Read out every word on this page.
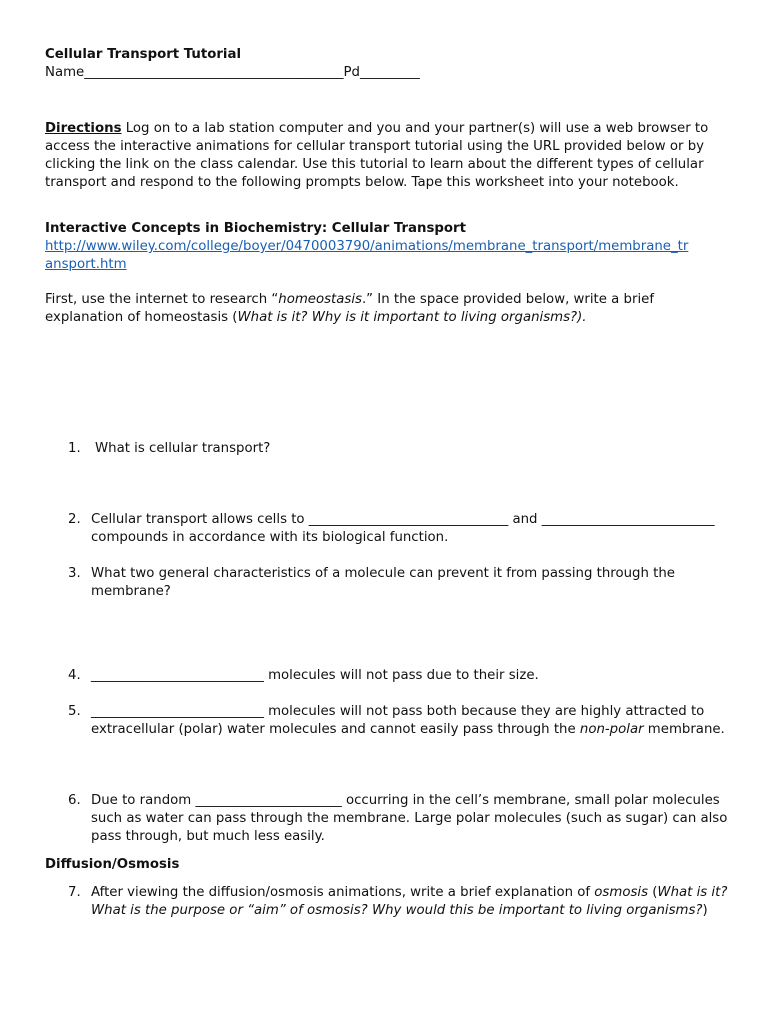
Cellular Transport Tutorial
Name_______________________________________Pd_________

Directions Log on to a lab station computer and you and your partner(s) will use a web browser to access the interactive animations for cellular transport tutorial using the URL provided below or by clicking the link on the class calendar. Use this tutorial to learn about the different types of cellular transport and respond to the following prompts below. Tape this worksheet into your notebook.

Interactive Concepts in Biochemistry: Cellular Transport
http://www.wiley.com/college/boyer/0470003790/animations/membrane_transport/membrane_tr
ansport.htm

First, use the internet to research “homeostasis.” In the space provided below, write a brief explanation of homeostasis (What is it? Why is it important to living organisms?).

1. What is cellular transport?
2. Cellular transport allows cells to ______________________________ and __________________________ compounds in accordance with its biological function.
3. What two general characteristics of a molecule can prevent it from passing through the membrane?
4. __________________________ molecules will not pass due to their size.
5. __________________________ molecules will not pass both because they are highly attracted to extracellular (polar) water molecules and cannot easily pass through the non-polar membrane.
6. Due to random ______________________ occurring in the cell’s membrane, small polar molecules such as water can pass through the membrane. Large polar molecules (such as sugar) can also pass through, but much less easily.
Diffusion/Osmosis
7. After viewing the diffusion/osmosis animations, write a brief explanation of osmosis (What is it? What is the purpose or “aim” of osmosis? Why would this be important to living organisms?)
